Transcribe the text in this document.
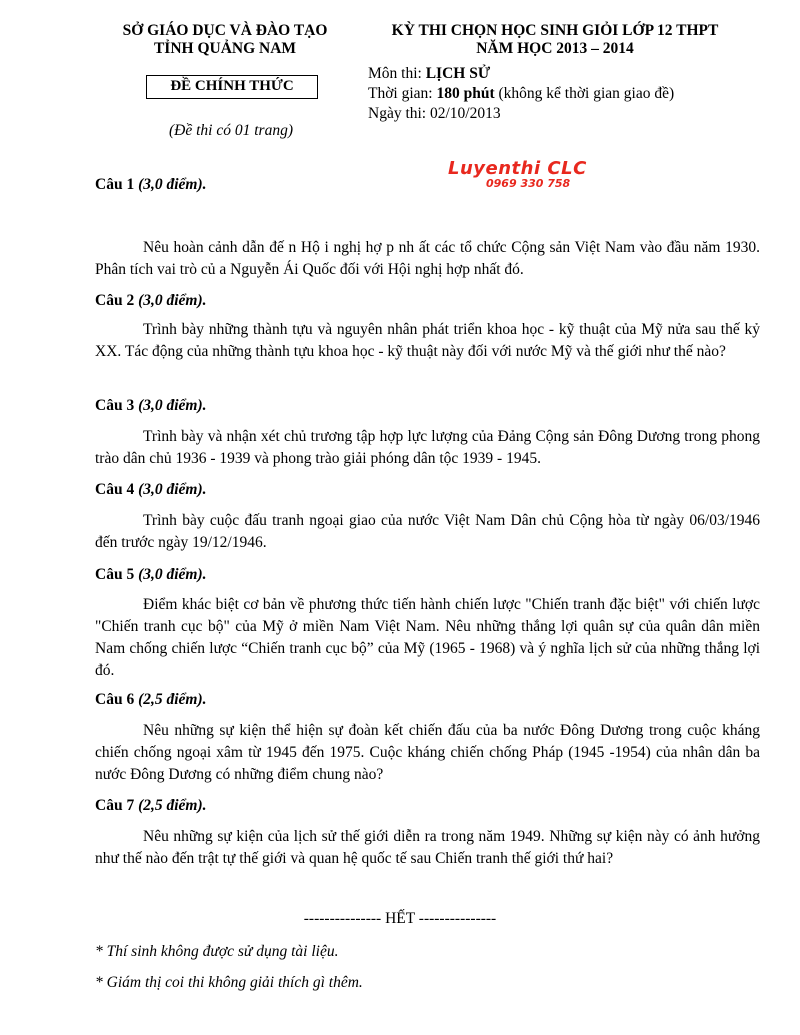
SỞ GIÁO DỤC VÀ ĐÀO TẠO
TỈNH QUẢNG NAM
ĐỀ CHÍNH THỨC
(Đề thi có 01 trang)
KỲ THI CHỌN HỌC SINH GIỎI LỚP 12 THPT
NĂM HỌC 2013 – 2014
Môn thi: LỊCH SỬ
Thời gian: 180 phút (không kể thời gian giao đề)
Ngày thi: 02/10/2013
Luyenthi CLC
0969 330 758
Câu 1 (3,0 điểm).
Nêu hoàn cảnh dẫn đế n Hộ i nghị hợ p nh ất các tổ chức Cộng sản Việt Nam vào đầu năm 1930. Phân tích vai trò củ a Nguyễn Ái Quốc đối với Hội nghị hợp nhất đó.
Câu 2 (3,0 điểm).
Trình bày những thành tựu và nguyên nhân phát triển khoa học - kỹ thuật của Mỹ nửa sau thế kỷ XX. Tác động của những thành tựu khoa học - kỹ thuật này đối với nước Mỹ và thế giới như thế nào?
Câu 3 (3,0 điểm).
Trình bày và nhận xét chủ trương tập hợp lực lượng của Đảng Cộng sản Đông Dương trong phong trào dân chủ 1936 - 1939 và phong trào giải phóng dân tộc 1939 - 1945.
Câu 4 (3,0 điểm).
Trình bày cuộc đấu tranh ngoại giao của nước Việt Nam Dân chủ Cộng hòa từ ngày 06/03/1946 đến trước ngày 19/12/1946.
Câu 5 (3,0 điểm).
Điểm khác biệt cơ bản về phương thức tiến hành chiến lược "Chiến tranh đặc biệt" với chiến lược "Chiến tranh cục bộ" của Mỹ ở miền Nam Việt Nam. Nêu những thắng lợi quân sự của quân dân miền Nam chống chiến lược “Chiến tranh cục bộ” của Mỹ (1965 - 1968) và ý nghĩa lịch sử của những thắng lợi đó.
Câu 6 (2,5 điểm).
Nêu những sự kiện thể hiện sự đoàn kết chiến đấu của ba nước Đông Dương trong cuộc kháng chiến chống ngoại xâm từ 1945 đến 1975. Cuộc kháng chiến chống Pháp (1945 -1954) của nhân dân ba nước Đông Dương có những điểm chung nào?
Câu 7 (2,5 điểm).
Nêu những sự kiện của lịch sử thế giới diễn ra trong năm 1949. Những sự kiện này có ảnh hưởng như thế nào đến trật tự thế giới và quan hệ quốc tế sau Chiến tranh thế giới thứ hai?
--------------- HẾT ---------------
* Thí sinh không được sử dụng tài liệu.
* Giám thị coi thi không giải thích gì thêm.
